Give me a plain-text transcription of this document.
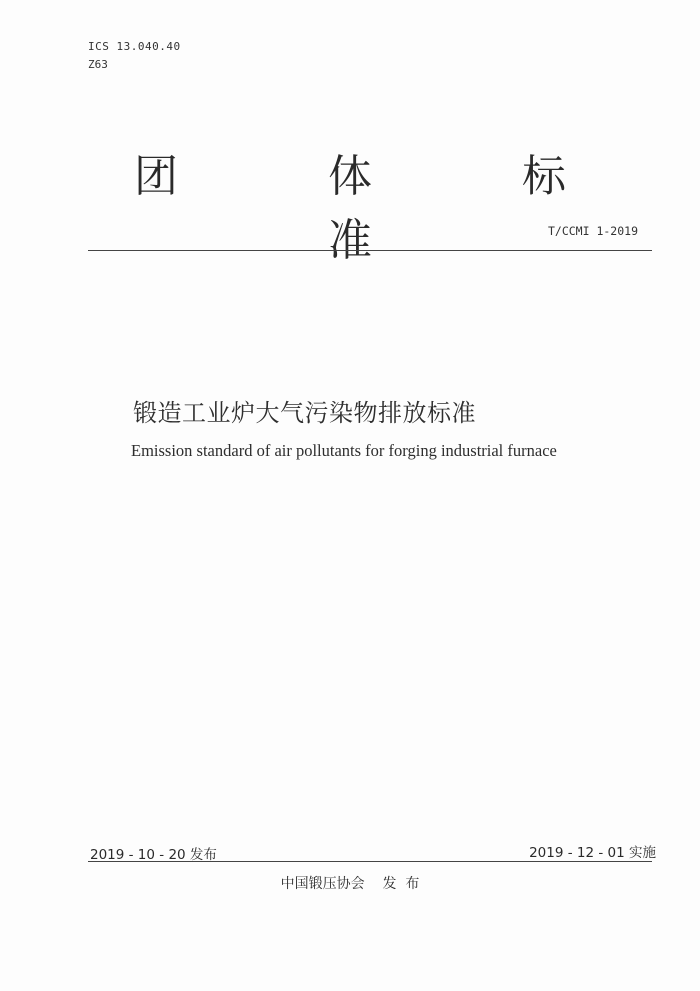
ICS 13.040.40
Z63
团 体 标 准	T/CCMI 1-2019
锻造工业炉大气污染物排放标准
Emission standard of air pollutants for forging industrial furnace
2019 - 10 - 20 发布	2019 - 12 - 01 实施
中国锻压协会    发  布
